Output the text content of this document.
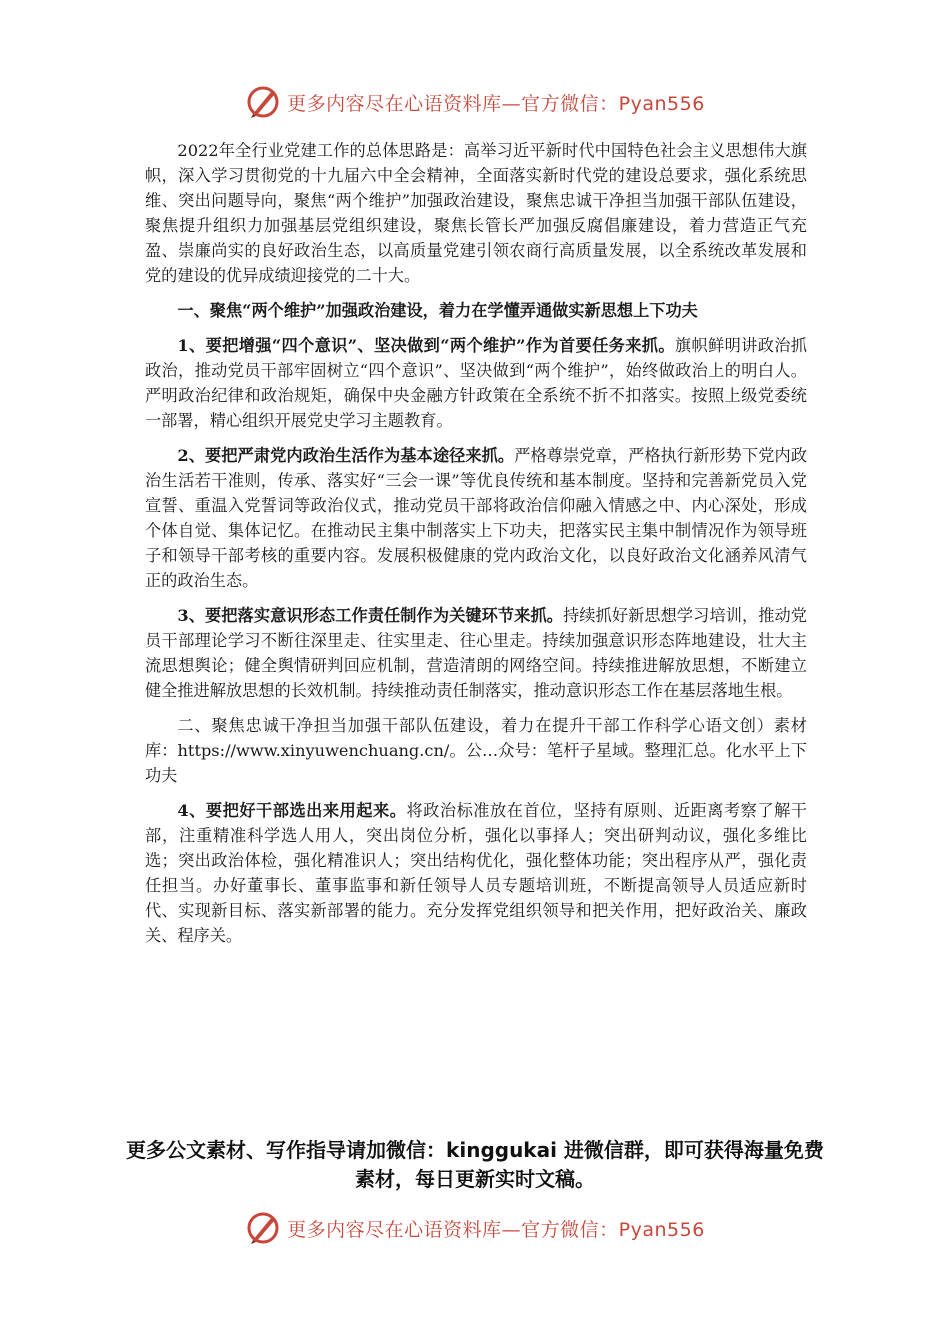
更多内容尽在心语资料库—官方微信：Pyan556

2022年全行业党建工作的总体思路是：高举习近平新时代中国特色社会主义思想伟大旗帜，深入学习贯彻党的十九届六中全会精神，全面落实新时代党的建设总要求，强化系统思维、突出问题导向，聚焦“两个维护”加强政治建设，聚焦忠诚干净担当加强干部队伍建设，聚焦提升组织力加强基层党组织建设，聚焦长管长严加强反腐倡廉建设，着力营造正气充盈、崇廉尚实的良好政治生态，以高质量党建引领农商行高质量发展，以全系统改革发展和党的建设的优异成绩迎接党的二十大。

一、聚焦“两个维护”加强政治建设，着力在学懂弄通做实新思想上下功夫

1、要把增强“四个意识”、坚决做到“两个维护”作为首要任务来抓。旗帜鲜明讲政治抓政治，推动党员干部牢固树立“四个意识”、坚决做到“两个维护”，始终做政治上的明白人。严明政治纪律和政治规矩，确保中央金融方针政策在全系统不折不扣落实。按照上级党委统一部署，精心组织开展党史学习主题教育。

2、要把严肃党内政治生活作为基本途径来抓。严格尊崇党章，严格执行新形势下党内政治生活若干准则，传承、落实好“三会一课”等优良传统和基本制度。坚持和完善新党员入党宣誓、重温入党誓词等政治仪式，推动党员干部将政治信仰融入情感之中、内心深处，形成个体自觉、集体记忆。在推动民主集中制落实上下功夫，把落实民主集中制情况作为领导班子和领导干部考核的重要内容。发展积极健康的党内政治文化，以良好政治文化涵养风清气正的政治生态。

3、要把落实意识形态工作责任制作为关键环节来抓。持续抓好新思想学习培训，推动党员干部理论学习不断往深里走、往实里走、往心里走。持续加强意识形态阵地建设，壮大主流思想舆论；健全舆情研判回应机制，营造清朗的网络空间。持续推进解放思想，不断建立健全推进解放思想的长效机制。持续推动责任制落实，推动意识形态工作在基层落地生根。

二、聚焦忠诚干净担当加强干部队伍建设，着力在提升干部工作科学心语文创）素材库：https://www.xinyuwenchuang.cn/。公…众号：笔杆子星域。整理汇总。化水平上下功夫

4、要把好干部选出来用起来。将政治标准放在首位，坚持有原则、近距离考察了解干部，注重精准科学选人用人，突出岗位分析，强化以事择人；突出研判动议，强化多维比选；突出政治体检，强化精准识人；突出结构优化，强化整体功能；突出程序从严，强化责任担当。办好董事长、董事监事和新任领导人员专题培训班，不断提高领导人员适应新时代、实现新目标、落实新部署的能力。充分发挥党组织领导和把关作用，把好政治关、廉政关、程序关。

更多公文素材、写作指导请加微信：kinggukai 进微信群，即可获得海量免费素材，每日更新实时文稿。
更多内容尽在心语资料库—官方微信：Pyan556
